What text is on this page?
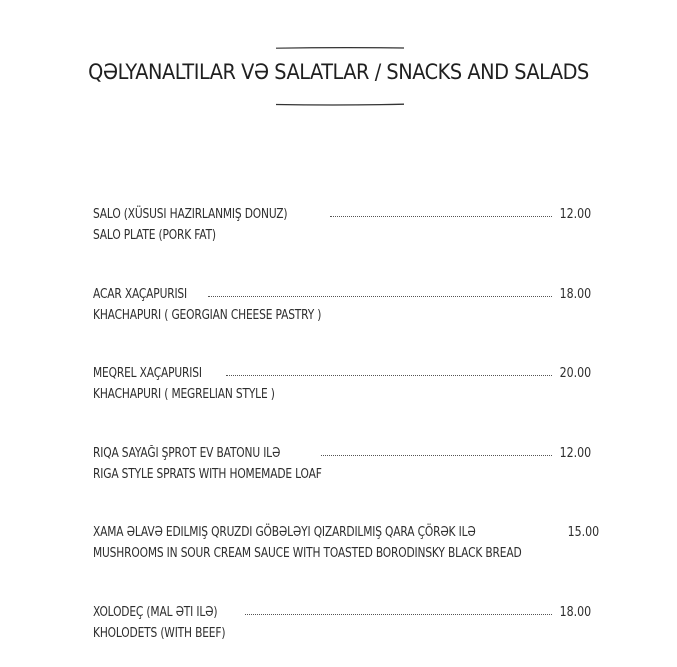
QƏLYANALTILAR VƏ SALATLAR / SNACKS AND SALADS
SALO (XÜSUSI HAZIRLANMIŞ DONUZ)	12.00
SALO PLATE (PORK FAT)
ACAR XAÇAPURISI	18.00
KHACHAPURI ( GEORGIAN CHEESE PASTRY )
MEQREL XAÇAPURISI	20.00
KHACHAPURI ( MEGRELIAN STYLE )
RIQA SAYAĞI ŞPROT EV BATONU ILƏ	12.00
RIGA STYLE SPRATS WITH HOMEMADE LOAF
XAMA ƏLAVƏ EDILMIŞ QRUZDI GÖBƏLƏYI QIZARDILMIŞ QARA ÇÖRƏK ILƏ	15.00
MUSHROOMS IN SOUR CREAM SAUCE WITH TOASTED BORODINSKY BLACK BREAD
XOLODEÇ (MAL ƏTI ILƏ)	18.00
KHOLODETS (WITH BEEF)
